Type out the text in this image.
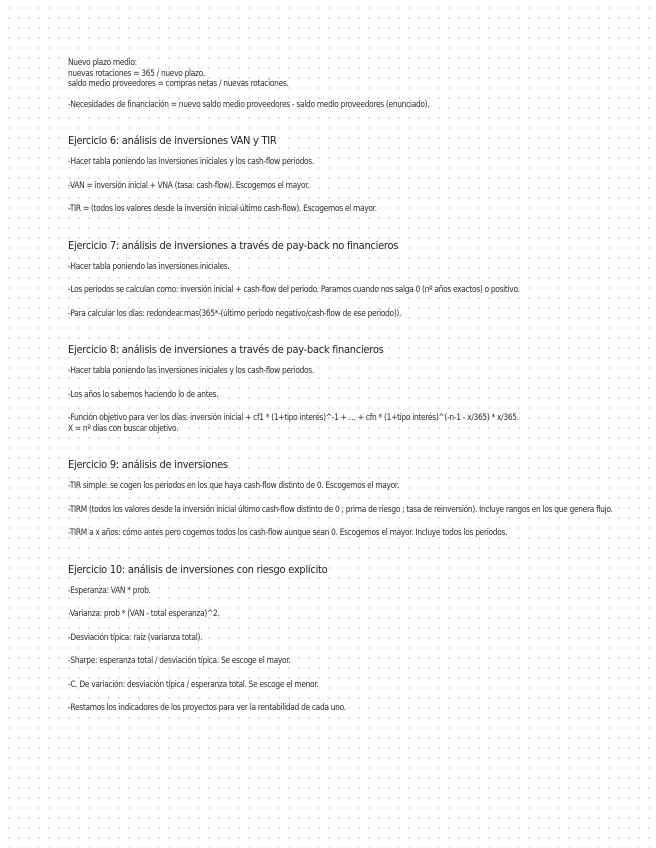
Nuevo plazo medio:
nuevas rotaciones = 365 / nuevo plazo.
saldo medio proveedores = compras netas / nuevas rotaciones.
-Necesidades de financiación = nuevo saldo medio proveedores - saldo medio proveedores (enunciado).
Ejercicio 6: análisis de inversiones VAN y TIR
-Hacer tabla poniendo las inversiones iniciales y los cash-flow periodos.
-VAN = inversión inicial + VNA (tasa: cash-flow). Escogemos el mayor.
-TIR = (todos los valores desde la inversión inicial último cash-flow). Escogemos el mayor.
Ejercicio 7: análisis de inversiones a través de pay-back no financieros
-Hacer tabla poniendo las inversiones iniciales.
-Los periodos se calculan como: inversión inicial + cash-flow del periodo. Paramos cuando nos salga 0 (nº años exactos) o positivo.
-Para calcular los días: redondear.mas(365*-(último periodo negativo/cash-flow de ese periodo)).
Ejercicio 8: análisis de inversiones a través de pay-back financieros
-Hacer tabla poniendo las inversiones iniciales y los cash-flow periodos.
-Los años lo sabemos haciendo lo de antes.
-Función objetivo para ver los días: inversión inicial + cf1 * (1+tipo interés)^-1 + … + cfn * (1+tipo interés)^(-n-1 - x/365) * x/365.
X = nº días con buscar objetivo.
Ejercicio 9: análisis de inversiones
-TIR simple: se cogen los periodos en los que haya cash-flow distinto de 0. Escogemos el mayor.
-TIRM (todos los valores desde la inversión inicial último cash-flow distinto de 0 ; prima de riesgo ; tasa de reinversión). Incluye rangos en los que genera flujo.
-TIRM a x años: cómo antes pero cogemos todos los cash-flow aunque sean 0. Escogemos el mayor. Incluye todos los periodos.
Ejercicio 10: análisis de inversiones con riesgo explícito
-Esperanza: VAN * prob.
-Varianza: prob * (VAN - total esperanza)^2.
-Desviación típica: raíz (varianza total).
-Sharpe: esperanza total / desviación típica. Se escoge el mayor.
-C. De variación: desviación típica / esperanza total. Se escoge el menor.
-Restamos los indicadores de los proyectos para ver la rentabilidad de cada uno.
